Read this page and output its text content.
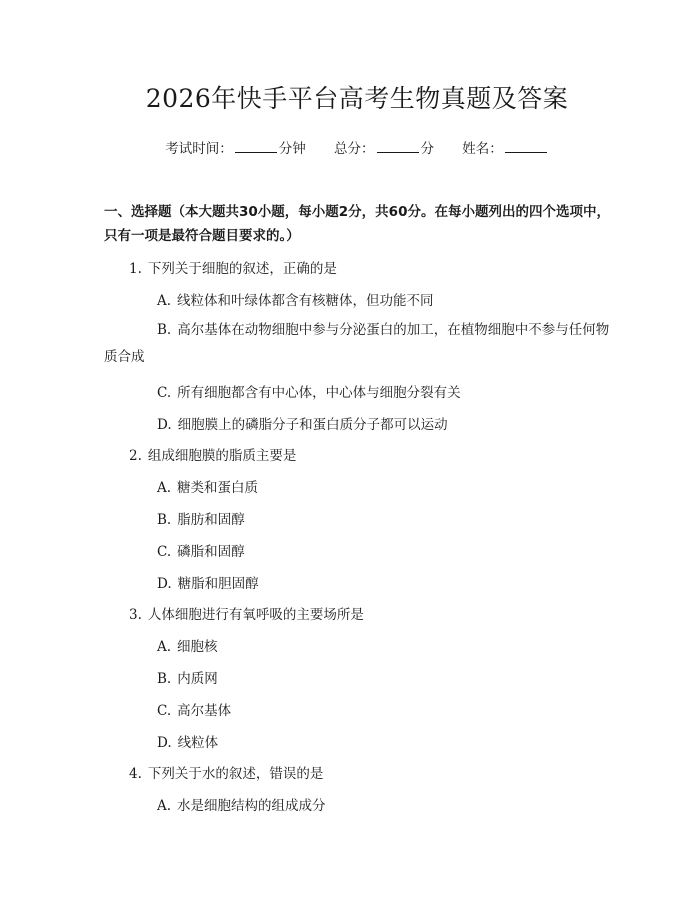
2026年快手平台高考生物真题及答案
考试时间：	分钟 总分：	分 姓名：
一、选择题（本大题共30小题，每小题2分，共60分。在每小题列出的四个选项中，只有一项是最符合题目要求的。）
1. 下列关于细胞的叙述，正确的是
A. 线粒体和叶绿体都含有核糖体，但功能不同
B. 高尔基体在动物细胞中参与分泌蛋白的加工，在植物细胞中不参与任何物质合成
C. 所有细胞都含有中心体，中心体与细胞分裂有关
D. 细胞膜上的磷脂分子和蛋白质分子都可以运动
2. 组成细胞膜的脂质主要是
A. 糖类和蛋白质
B. 脂肪和固醇
C. 磷脂和固醇
D. 糖脂和胆固醇
3. 人体细胞进行有氧呼吸的主要场所是
A. 细胞核
B. 内质网
C. 高尔基体
D. 线粒体
4. 下列关于水的叙述，错误的是
A. 水是细胞结构的组成成分
